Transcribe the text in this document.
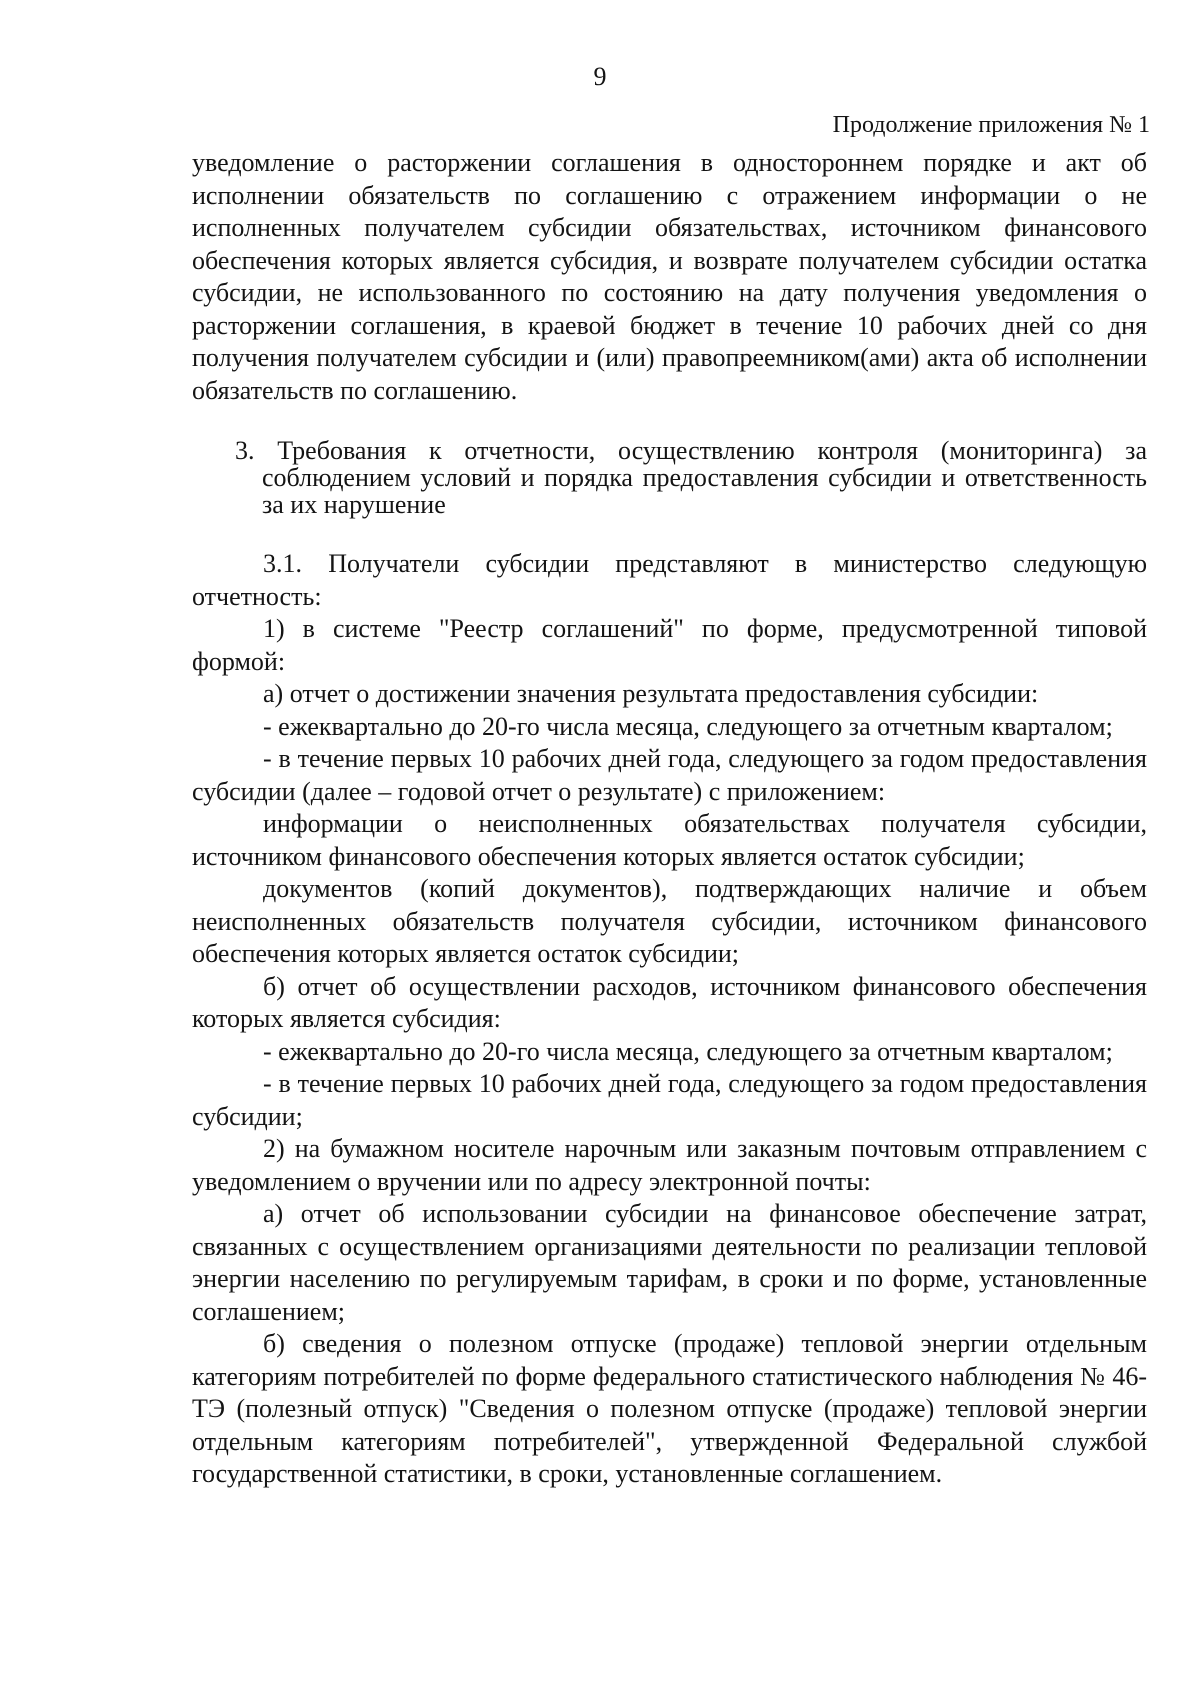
9
Продолжение приложения № 1

уведомление о расторжении соглашения в одностороннем порядке и акт об исполнении обязательств по соглашению с отражением информации о не исполненных получателем субсидии обязательствах, источником финансового обеспечения которых является субсидия, и возврате получателем субсидии остатка субсидии, не использованного по состоянию на дату получения уведомления о расторжении соглашения, в краевой бюджет в течение 10 рабочих дней со дня получения получателем субсидии и (или) правопреемником(ами) акта об исполнении обязательств по соглашению.

3. Требования к отчетности, осуществлению контроля (мониторинга) за соблюдением условий и порядка предоставления субсидии и ответственность за их нарушение

3.1. Получатели субсидии представляют в министерство следующую отчетность:

1) в системе "Реестр соглашений" по форме, предусмотренной типовой формой:

а) отчет о достижении значения результата предоставления субсидии:

- ежеквартально до 20-го числа месяца, следующего за отчетным кварталом;

- в течение первых 10 рабочих дней года, следующего за годом предоставления субсидии (далее – годовой отчет о результате) с приложением:

информации о неисполненных обязательствах получателя субсидии, источником финансового обеспечения которых является остаток субсидии;

документов (копий документов), подтверждающих наличие и объем неисполненных обязательств получателя субсидии, источником финансового обеспечения которых является остаток субсидии;

б) отчет об осуществлении расходов, источником финансового обеспечения которых является субсидия:

- ежеквартально до 20-го числа месяца, следующего за отчетным кварталом;

- в течение первых 10 рабочих дней года, следующего за годом предоставления субсидии;

2) на бумажном носителе нарочным или заказным почтовым отправлением с уведомлением о вручении или по адресу электронной почты:

а) отчет об использовании субсидии на финансовое обеспечение затрат, связанных с осуществлением организациями деятельности по реализации тепловой энергии населению по регулируемым тарифам, в сроки и по форме, установленные соглашением;

б) сведения о полезном отпуске (продаже) тепловой энергии отдельным категориям потребителей по форме федерального статистического наблюдения № 46-ТЭ (полезный отпуск) "Сведения о полезном отпуске (продаже) тепловой энергии отдельным категориям потребителей", утвержденной Федеральной службой государственной статистики, в сроки, установленные соглашением.
